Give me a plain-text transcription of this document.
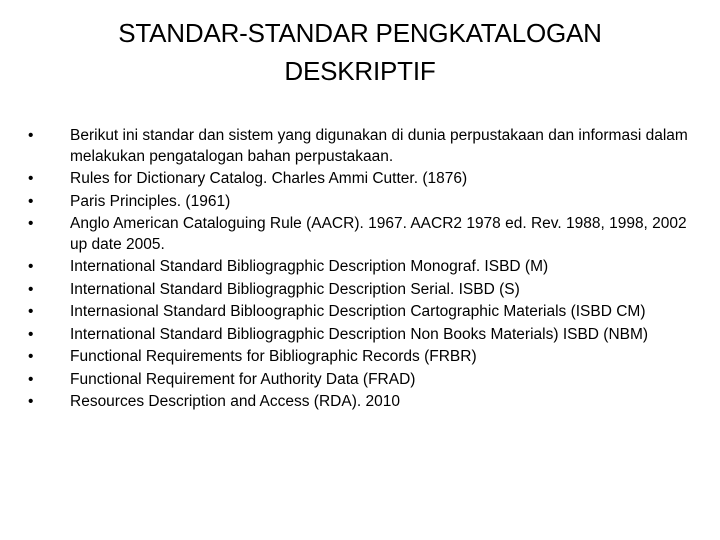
STANDAR-STANDAR PENGKATALOGAN
DESKRIPTIF
•	Berikut ini standar dan sistem yang digunakan di dunia perpustakaan dan informasi dalam melakukan pengatalogan bahan perpustakaan.
•	Rules for Dictionary Catalog. Charles Ammi Cutter. (1876)
•	Paris Principles. (1961)
•	Anglo American Cataloguing Rule (AACR). 1967. AACR2 1978 ed. Rev. 1988, 1998, 2002 up date 2005.
•	International Standard Bibliogragphic Description Monograf. ISBD (M)
•	International Standard Bibliogragphic Description Serial. ISBD (S)
•	Internasional Standard Bibloographic Description Cartographic Materials (ISBD CM)
•	International Standard Bibliogragphic Description Non Books Materials) ISBD (NBM)
•	Functional Requirements for Bibliographic Records (FRBR)
•	Functional Requirement for Authority Data (FRAD)
•	Resources Description and Access (RDA). 2010
